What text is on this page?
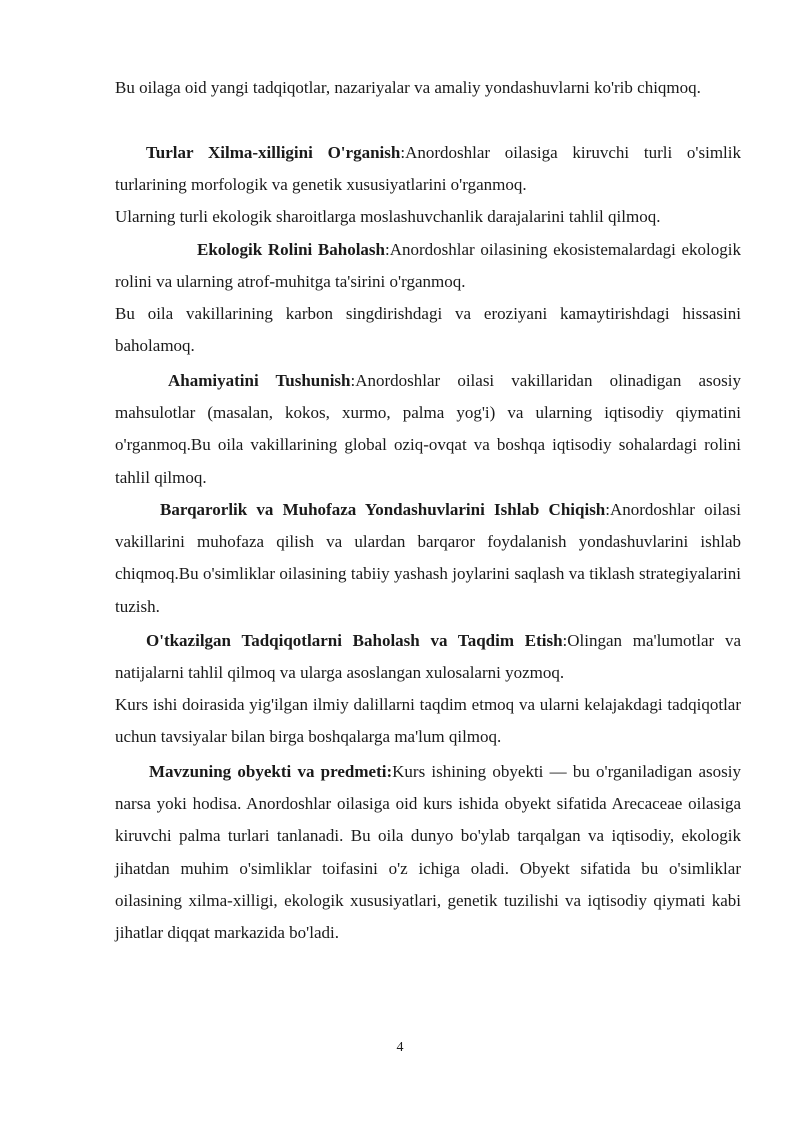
Bu oilaga oid yangi tadqiqotlar, nazariyalar va amaliy yondashuvlarni ko'rib chiqmoq.

Turlar Xilma-xilligini O'rganish:Anordoshlar oilasiga kiruvchi turli o'simlik turlarining morfologik va genetik xususiyatlarini o'rganmoq.

Ularning turli ekologik sharoitlarga moslashuvchanlik darajalarini tahlil qilmoq.

Ekologik Rolini Baholash:Anordoshlar oilasining ekosistemalardagi ekologik rolini va ularning atrof-muhitga ta'sirini o'rganmoq.

Bu oila vakillarining karbon singdirishdagi va eroziyani kamaytirishdagi hissasini baholamoq.

Ahamiyatini Tushunish:Anordoshlar oilasi vakillaridan olinadigan asosiy mahsulotlar (masalan, kokos, xurmo, palma yog'i) va ularning iqtisodiy qiymatini o'rganmoq.Bu oila vakillarining global oziq-ovqat va boshqa iqtisodiy sohalardagi rolini tahlil qilmoq.

Barqarorlik va Muhofaza Yondashuvlarini Ishlab Chiqish:Anordoshlar oilasi vakillarini muhofaza qilish va ulardan barqaror foydalanish yondashuvlarini ishlab chiqmoq.Bu o'simliklar oilasining tabiiy yashash joylarini saqlash va tiklash strategiyalarini tuzish.

O'tkazilgan Tadqiqotlarni Baholash va Taqdim Etish:Olingan ma'lumotlar va natijalarni tahlil qilmoq va ularga asoslangan xulosalarni yozmoq.

Kurs ishi doirasida yig'ilgan ilmiy dalillarni taqdim etmoq va ularni kelajakdagi tadqiqotlar uchun tavsiyalar bilan birga boshqalarga ma'lum qilmoq.

Mavzuning obyekti va predmeti:Kurs ishining obyekti — bu o'rganiladigan asosiy narsa yoki hodisa. Anordoshlar oilasiga oid kurs ishida obyekt sifatida Arecaceae oilasiga kiruvchi palma turlari tanlanadi. Bu oila dunyo bo'ylab tarqalgan va iqtisodiy, ekologik jihatdan muhim o'simliklar toifasini o'z ichiga oladi. Obyekt sifatida bu o'simliklar oilasining xilma-xilligi, ekologik xususiyatlari, genetik tuzilishi va iqtisodiy qiymati kabi jihatlar diqqat markazida bo'ladi.

4
